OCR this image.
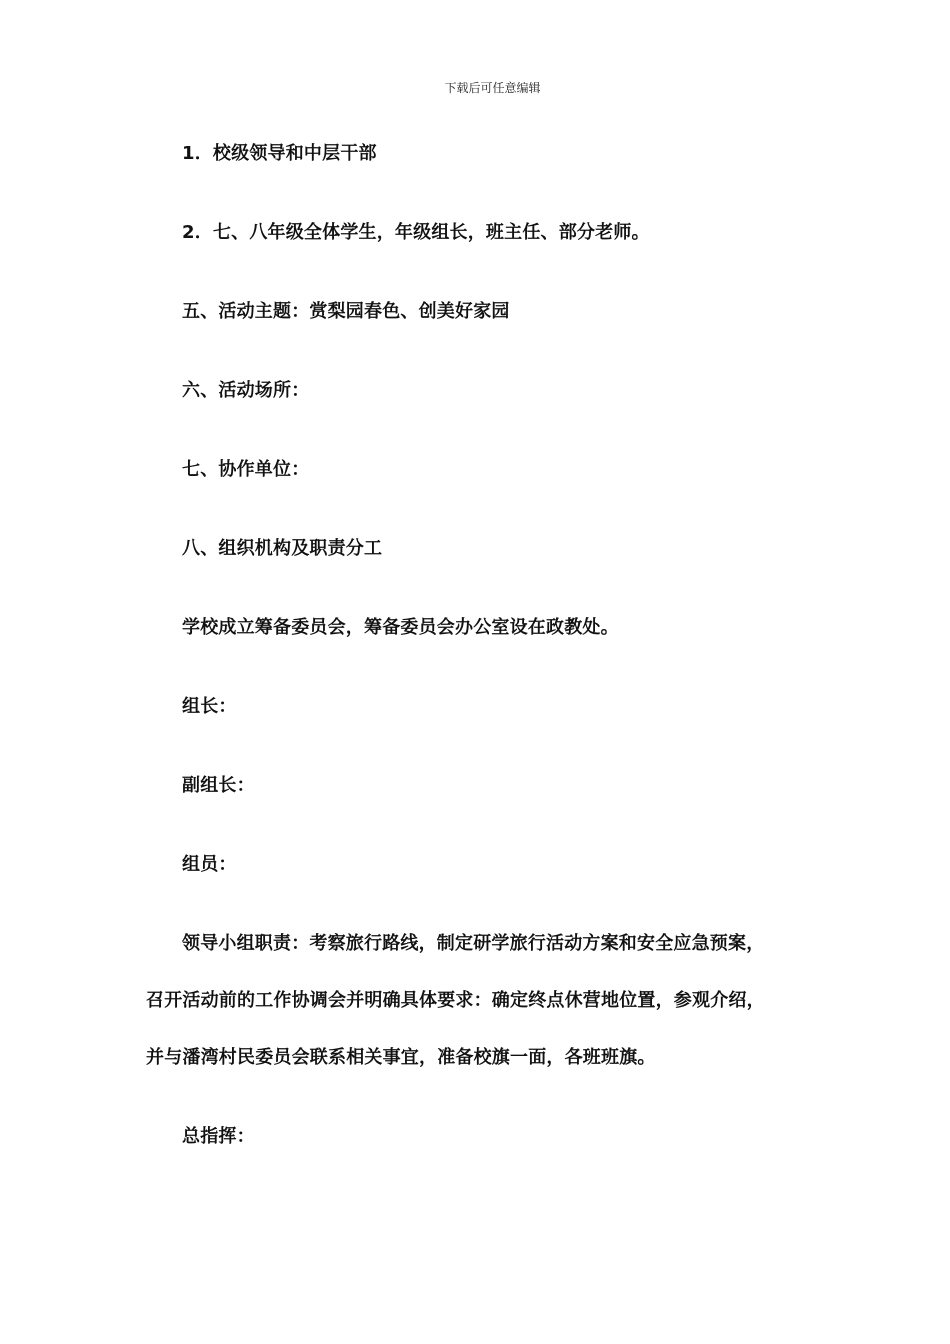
下载后可任意编辑
1．校级领导和中层干部
2．七、八年级全体学生，年级组长，班主任、部分老师。
五、活动主题：赏梨园春色、创美好家园
六、活动场所：
七、协作单位：
八、组织机构及职责分工
学校成立筹备委员会，筹备委员会办公室设在政教处。
组长：
副组长：
组员：
领导小组职责：考察旅行路线，制定研学旅行活动方案和安全应急预案，
召开活动前的工作协调会并明确具体要求：确定终点休营地位置，参观介绍，
并与潘湾村民委员会联系相关事宜，准备校旗一面，各班班旗。
总指挥：
